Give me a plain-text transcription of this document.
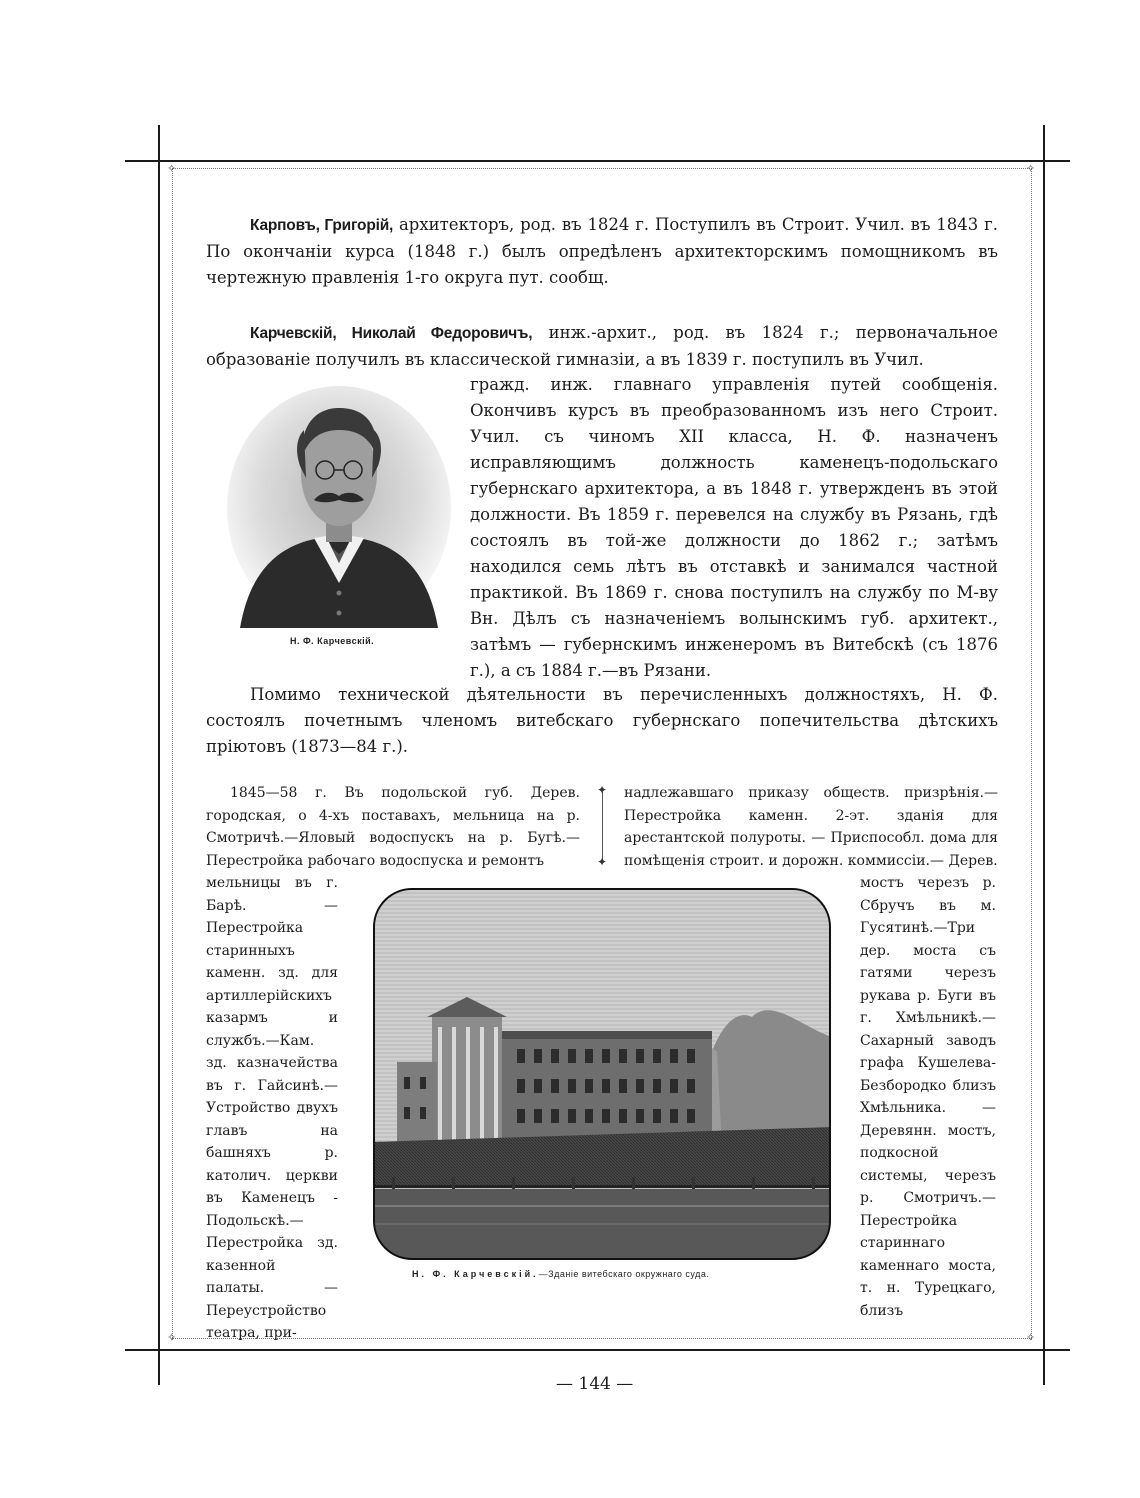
✧	✧
✧	✧
Карповъ, Григорій, архитекторъ, род. въ 1824 г. Поступилъ въ Строит. Учил. въ 1843 г. По окончаніи курса (1848 г.) былъ опредѣленъ архитекторскимъ помощникомъ въ чертежную правленія 1-го округа пут. сообщ.
Карчевскій, Николай Федоровичъ, инж.-архит., род. въ 1824 г.; первоначальное образованіе получилъ въ классической гимназіи, а въ 1839 г. поступилъ въ Учил.
Н. Ф. Карчевскій.
гражд. инж. главнаго управленія путей сообщенія. Окончивъ курсъ въ преобразованномъ изъ него Строит. Учил. съ чиномъ XII класса, Н. Ф. назначенъ исправляющимъ должность каменецъ-подольскаго губернскаго архитектора, а въ 1848 г. утвержденъ въ этой должности. Въ 1859 г. перевелся на службу въ Рязань, гдѣ состоялъ въ той-же должности до 1862 г.; затѣмъ находился семь лѣтъ въ отставкѣ и занимался частной практикой. Въ 1869 г. снова поступилъ на службу по М-ву Вн. Дѣлъ съ назначеніемъ волынскимъ губ. архитект., затѣмъ — губернскимъ инженеромъ въ Витебскѣ (съ 1876 г.), а съ 1884 г.—въ Рязани.
Помимо технической дѣятельности въ перечисленныхъ должностяхъ, Н. Ф. состоялъ почетнымъ членомъ витебскаго губернскаго попечительства дѣтскихъ пріютовъ (1873—84 г.).
1845—58 г. Въ подольской губ. Дерев. городская, о 4-хъ поставахъ, мельница на р. Смотричѣ.—Яловый водоспускъ на р. Бугѣ.— Перестройка рабочаго водоспуска и ремонтъ
надлежавшаго приказу обществ. призрѣнія.— Перестройка каменн. 2-эт. зданія для арестантской полуроты. — Приспособл. дома для помѣщенія строит. и дорожн. коммиссіи.— Дерев.
✦
✦
мельницы въ г. Барѣ. — Перестройка старинныхъ каменн. зд. для артиллерійскихъ казармъ и службъ.—Кам. зд. казначейства въ г. Гайсинѣ.— Устройство двухъ главъ на башняхъ р. католич. церкви въ Каменецъ - Подольскѣ.—Перестройка зд. казенной палаты. —Переустройство театра, при-
мостъ черезъ р. Сбручъ въ м. Гусятинѣ.—Три дер. моста съ гатями черезъ рукава р. Буги въ г. Хмѣльникѣ.— Сахарный заводъ графа Кушелева-Безбородко близъ Хмѣльника. — Деревянн. мостъ, подкосной системы, черезъ р. Смотричъ.— Перестройка стариннаго каменнаго моста, т. н. Турецкаго, близъ
Н. Ф. Карчевскій.—Зданіе витебскаго окружнаго суда.
— 144 —
